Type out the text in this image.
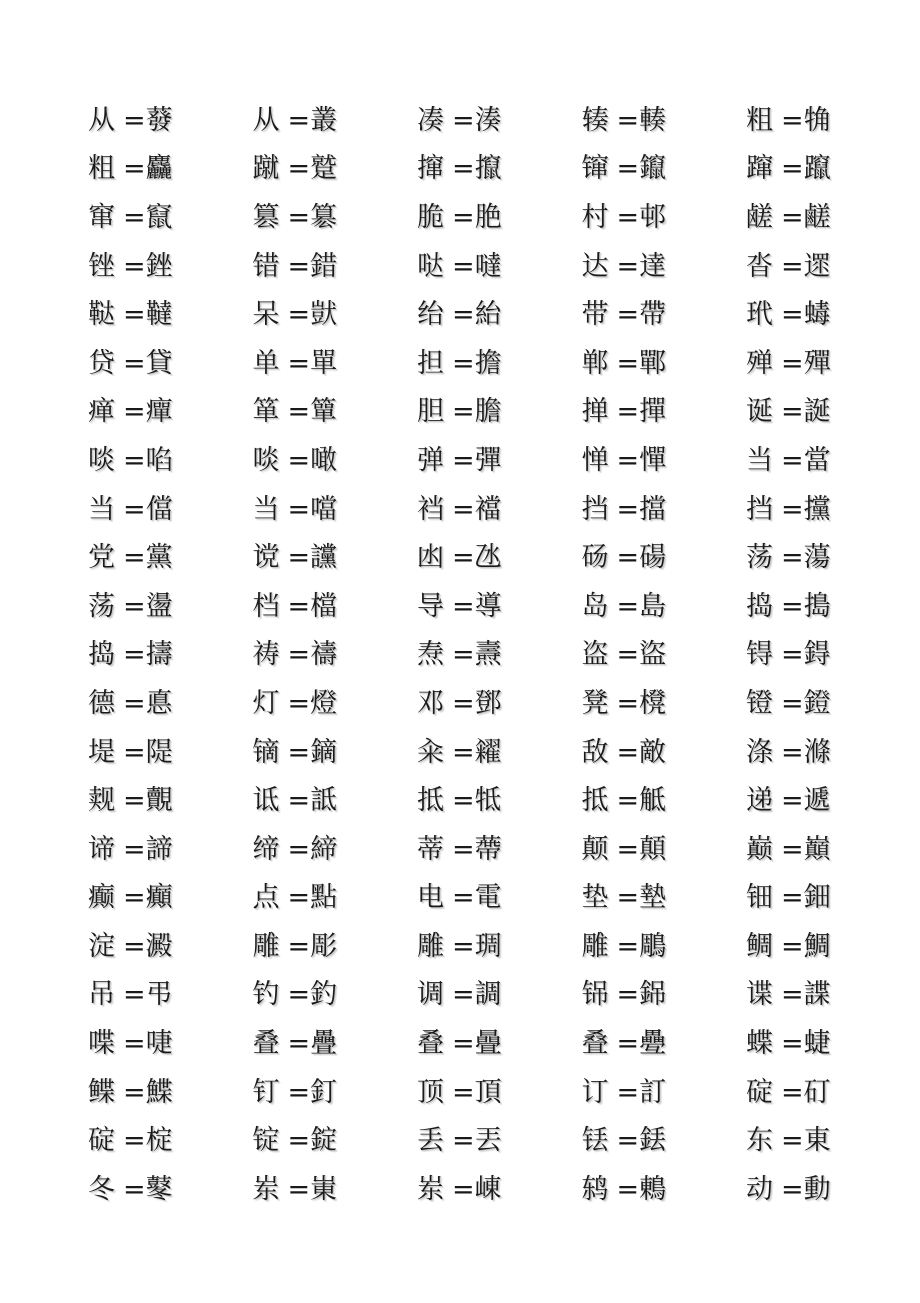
从 = 蕟	从 = 叢	凑 = 湊	辏 = 輳	粗 = 觕
粗 = 麤	蹴 = 蹵	撺 = 攛	镩 = 鑹	蹿 = 躥
窜 = 竄	篡 = 簒	脆 = 脃	村 = 邨	鹾 = 鹺
锉 = 銼	错 = 錯	哒 = 噠	达 = 達	沓 = 遝
鞑 = 韃	呆 = 獃	绐 = 紿	带 = 帶	玳 = 蝳
贷 = 貸	单 = 單	担 = 擔	郸 = 鄲	殚 = 殫
瘅 = 癉	箪 = 簞	胆 = 膽	掸 = 撣	诞 = 誕
啖 = 啗	啖 = 噉	弹 = 彈	惮 = 憚	当 = 當
当 = 儅	当 = 噹	裆 = 襠	挡 = 擋	挡 = 攩
党 = 黨	谠 = 讜	凼 = 氹	砀 = 碭	荡 = 蕩
荡 = 盪	档 = 檔	导 = 導	岛 = 島	捣 = 搗
捣 = 擣	祷 = 禱	焘 = 燾	盗 = 盜	锝 = 鍀
德 = 悳	灯 = 燈	邓 = 鄧	凳 = 櫈	镫 = 鐙
堤 = 隄	镝 = 鏑	籴 = 糴	敌 = 敵	涤 = 滌
觌 = 覿	诋 = 詆	抵 = 牴	抵 = 觝	递 = 遞
谛 = 諦	缔 = 締	蒂 = 蔕	颠 = 顛	巅 = 巔
癫 = 癲	点 = 點	电 = 電	垫 = 墊	钿 = 鈿
淀 = 澱	雕 = 彫	雕 = 琱	雕 = 鵰	鲷 = 鯛
吊 = 弔	钓 = 釣	调 = 調	铞 = 銱	谍 = 諜
喋 = 啑	叠 = 疊	叠 = 曡	叠 = 疉	蝶 = 蜨
鲽 = 鰈	钉 = 釘	顶 = 頂	订 = 訂	碇 = 矴
碇 = 椗	锭 = 錠	丢 = 丟	铥 = 銩	东 = 東
冬 = 鼕	岽 = 崬	岽 = 崠	鸫 = 鶇	动 = 動
